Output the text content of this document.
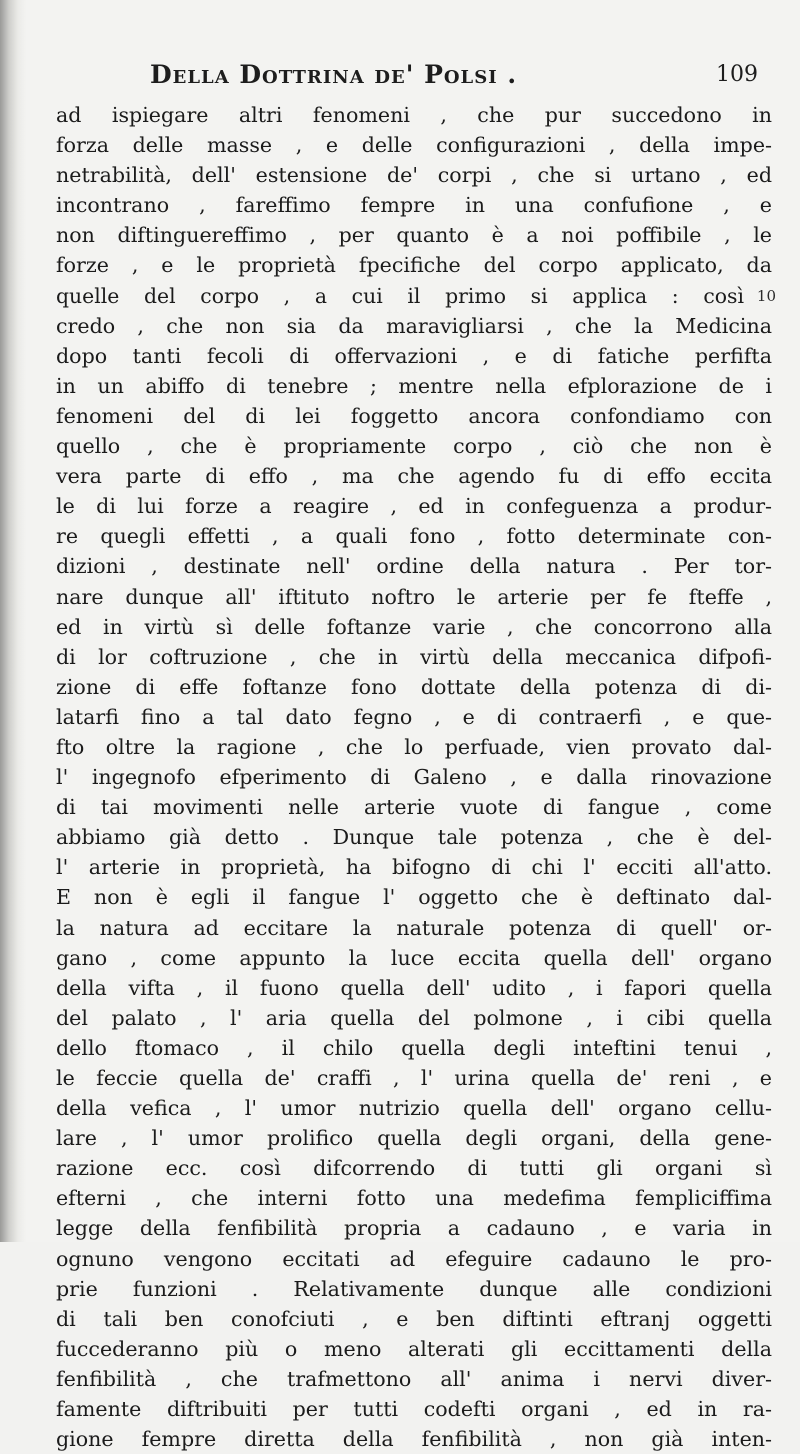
Della Dottrina de' Polsi .	109
ad ispiegare altri fenomeni , che pur succedono in
forza delle masse , e delle configurazioni , della impe-
netrabilità, dell' estensione de' corpi , che si urtano , ed
incontrano , fareffimo fempre in una confufione , e
non diftinguereffimo , per quanto è a noi poffibile , le
forze , e le proprietà fpecifiche del corpo applicato, da
quelle del corpo , a cui il primo si applica : così 10
credo , che non sia da maravigliarsi , che la Medicina
dopo tanti fecoli di offervazioni , e di fatiche perfifta
in un abiffo di tenebre ; mentre nella efplorazione de i
fenomeni del di lei foggetto ancora confondiamo con
quello , che è propriamente corpo , ciò che non è
vera parte di effo , ma che agendo fu di effo eccita
le di lui forze a reagire , ed in confeguenza a produr-
re quegli effetti , a quali fono , fotto determinate con-
dizioni , destinate nell' ordine della natura . Per tor-
nare dunque all' iftituto noftro le arterie per fe fteffe ,
ed in virtù sì delle foftanze varie , che concorrono alla
di lor coftruzione , che in virtù della meccanica difpofi-
zione di effe foftanze fono dottate della potenza di di-
latarfi fino a tal dato fegno , e di contraerfi , e que-
fto oltre la ragione , che lo perfuade, vien provato dal-
l' ingegnofo efperimento di Galeno , e dalla rinovazione
di tai movimenti nelle arterie vuote di fangue , come
abbiamo già detto . Dunque tale potenza , che è del-
l' arterie in proprietà, ha bifogno di chi l' ecciti all'atto.
E non è egli il fangue l' oggetto che è deftinato dal-
la natura ad eccitare la naturale potenza di quell' or-
gano , come appunto la luce eccita quella dell' organo
della vifta , il fuono quella dell' udito , i fapori quella
del palato , l' aria quella del polmone , i cibi quella
dello ftomaco , il chilo quella degli inteftini tenui ,
le feccie quella de' craffi , l' urina quella de' reni , e
della vefica , l' umor nutrizio quella dell' organo cellu-
lare , l' umor prolifico quella degli organi, della gene-
razione ecc. così difcorrendo di tutti gli organi sì
efterni , che interni fotto una medefima fempliciffima
legge della fenfibilità propria a cadauno , e varia in
ognuno vengono eccitati ad efeguire cadauno le pro-
prie funzioni . Relativamente dunque alle condizioni
di tali ben conofciuti , e ben diftinti eftranj oggetti
fuccederanno più o meno alterati gli eccittamenti della
fenfibilità , che trafmettono all' anima i nervi diver-
famente diftribuiti per tutti codefti organi , ed in ra-
gione fempre diretta della fenfibilità , non già inten-
